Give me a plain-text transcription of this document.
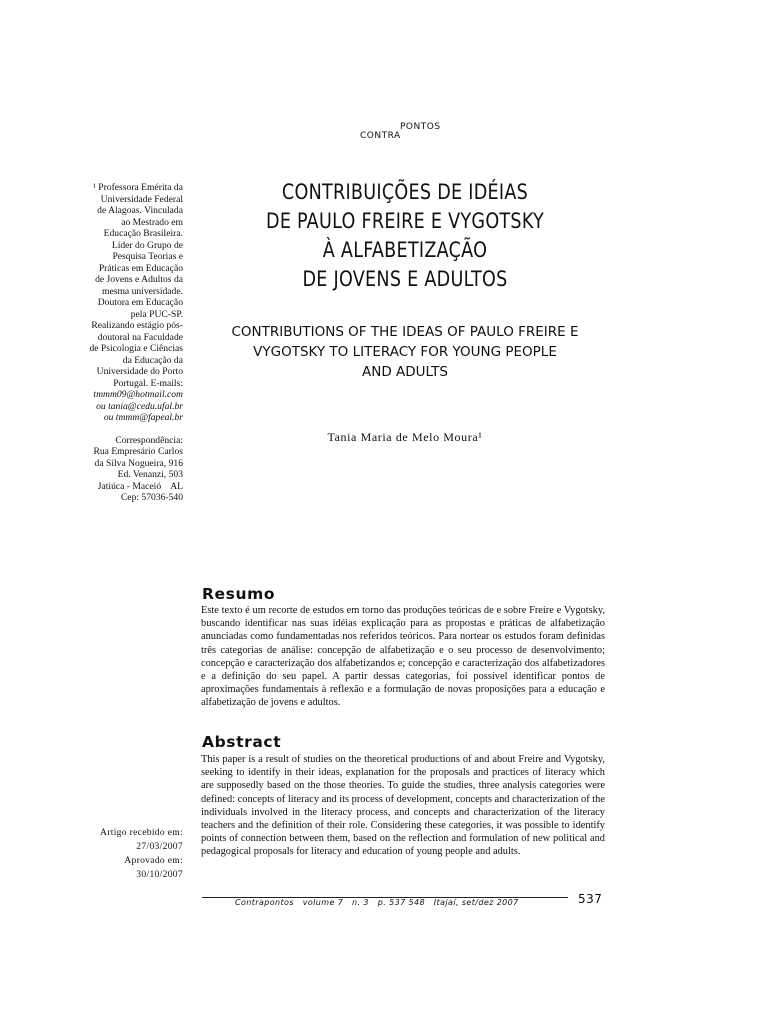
PONTOS
CONTRA
¹ Professora Emérita da
Universidade Federal
de Alagoas. Vinculada
ao Mestrado em
Educação Brasileira.
Líder do Grupo de
Pesquisa Teorias e
Práticas em Educação
de Jovens e Adultos da
mesma universidade.
Doutora em Educação
pela PUC-SP.
Realizando estágio pós-
doutoral na Faculdade
de Psicologia e Ciências
da Educação da
Universidade do Porto
Portugal. E-mails:
tmmm09@hotmail.com
ou tania@cedu.ufal.br
ou tmmm@fapeal.br
Correspondência:
Rua Empresário Carlos
da Silva Nogueira, 916
Ed. Venanzi, 503
Jatiúca - Maceió    AL
Cep: 57036-540
CONTRIBUIÇÕES DE IDÉIAS
DE PAULO FREIRE E VYGOTSKY
À ALFABETIZAÇÃO
DE JOVENS E ADULTOS
CONTRIBUTIONS OF THE IDEAS OF PAULO FREIRE E
VYGOTSKY TO LITERACY FOR YOUNG PEOPLE
AND ADULTS
Tania Maria de Melo Moura¹
Resumo
Este texto é um recorte de estudos em torno das produções teóricas de e sobre Freire e Vygotsky, buscando identificar nas suas idéias explicação para as propostas e práticas de alfabetização anunciadas como fundamentadas nos referidos teóricos. Para nortear os estudos foram definidas três categorias de análise: concepção de alfabetização e o seu processo de desenvolvimento; concepção e caracterização dos alfabetizandos e; concepção e caracterização dos alfabetizadores e a definição do seu papel. A partir dessas categorias, foi possível identificar pontos de aproximações fundamentais à reflexão e a formulação de novas proposições para a educação e alfabetização de jovens e adultos.
Abstract
This paper is a result of studies on the theoretical productions of and about Freire and Vygotsky, seeking to identify in their ideas, explanation for the proposals and practices of literacy which are supposedly based on the those theories. To guide the studies, three analysis categories were defined: concepts of literacy and its process of development, concepts and characterization of the individuals involved in the literacy process, and concepts and characterization of the literacy teachers and the definition of their role. Considering these categories, it was possible to identify points of connection between them, based on the reflection and formulation of new political and pedagogical proposals for literacy and education of young people and adults.
Artigo recebido em:
27/03/2007
Aprovado em:
30/10/2007
Contrapontos   volume 7   n. 3   p. 537 548   Itajaí, set/dez 2007	537
